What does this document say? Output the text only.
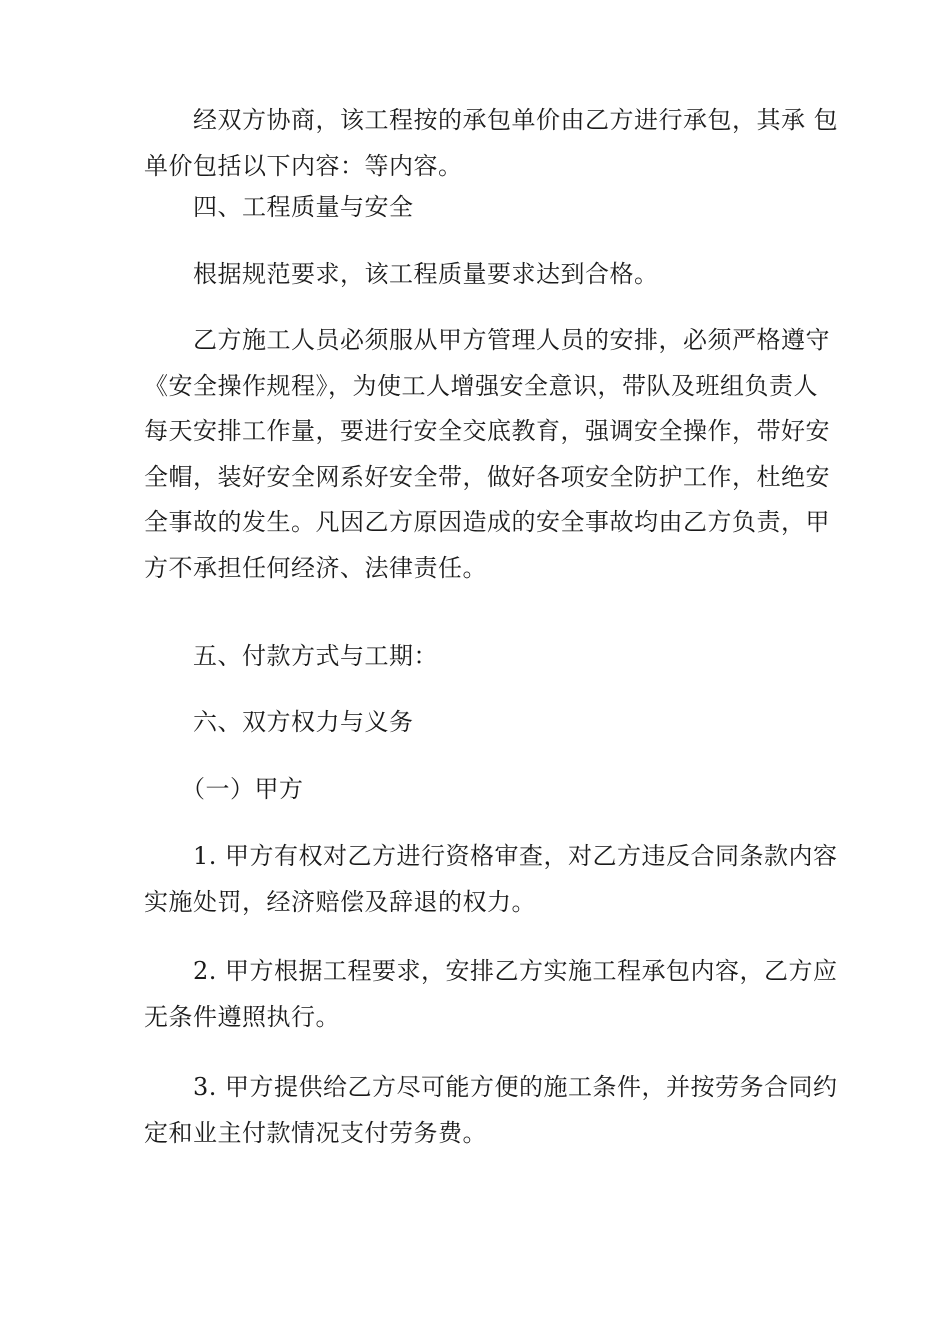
　　经双方协商，该工程按的承包单价由乙方进行承包，其承 包
单价包括以下内容：等内容。

　　四、工程质量与安全

　　根据规范要求，该工程质量要求达到合格。

　　乙方施工人员必须服从甲方管理人员的安排，必须严格遵守
《安全操作规程》，为使工人增强安全意识，带队及班组负责人
每天安排工作量，要进行安全交底教育，强调安全操作，带好安
全帽，装好安全网系好安全带，做好各项安全防护工作，杜绝安
全事故的发生。凡因乙方原因造成的安全事故均由乙方负责，甲
方不承担任何经济、法律责任。

　　五、付款方式与工期：

　　六、双方权力与义务

　　（一）甲方

　　1. 甲方有权对乙方进行资格审查，对乙方违反合同条款内容
实施处罚，经济赔偿及辞退的权力。

　　2. 甲方根据工程要求，安排乙方实施工程承包内容，乙方应
无条件遵照执行。

　　3. 甲方提供给乙方尽可能方便的施工条件，并按劳务合同约
定和业主付款情况支付劳务费。
